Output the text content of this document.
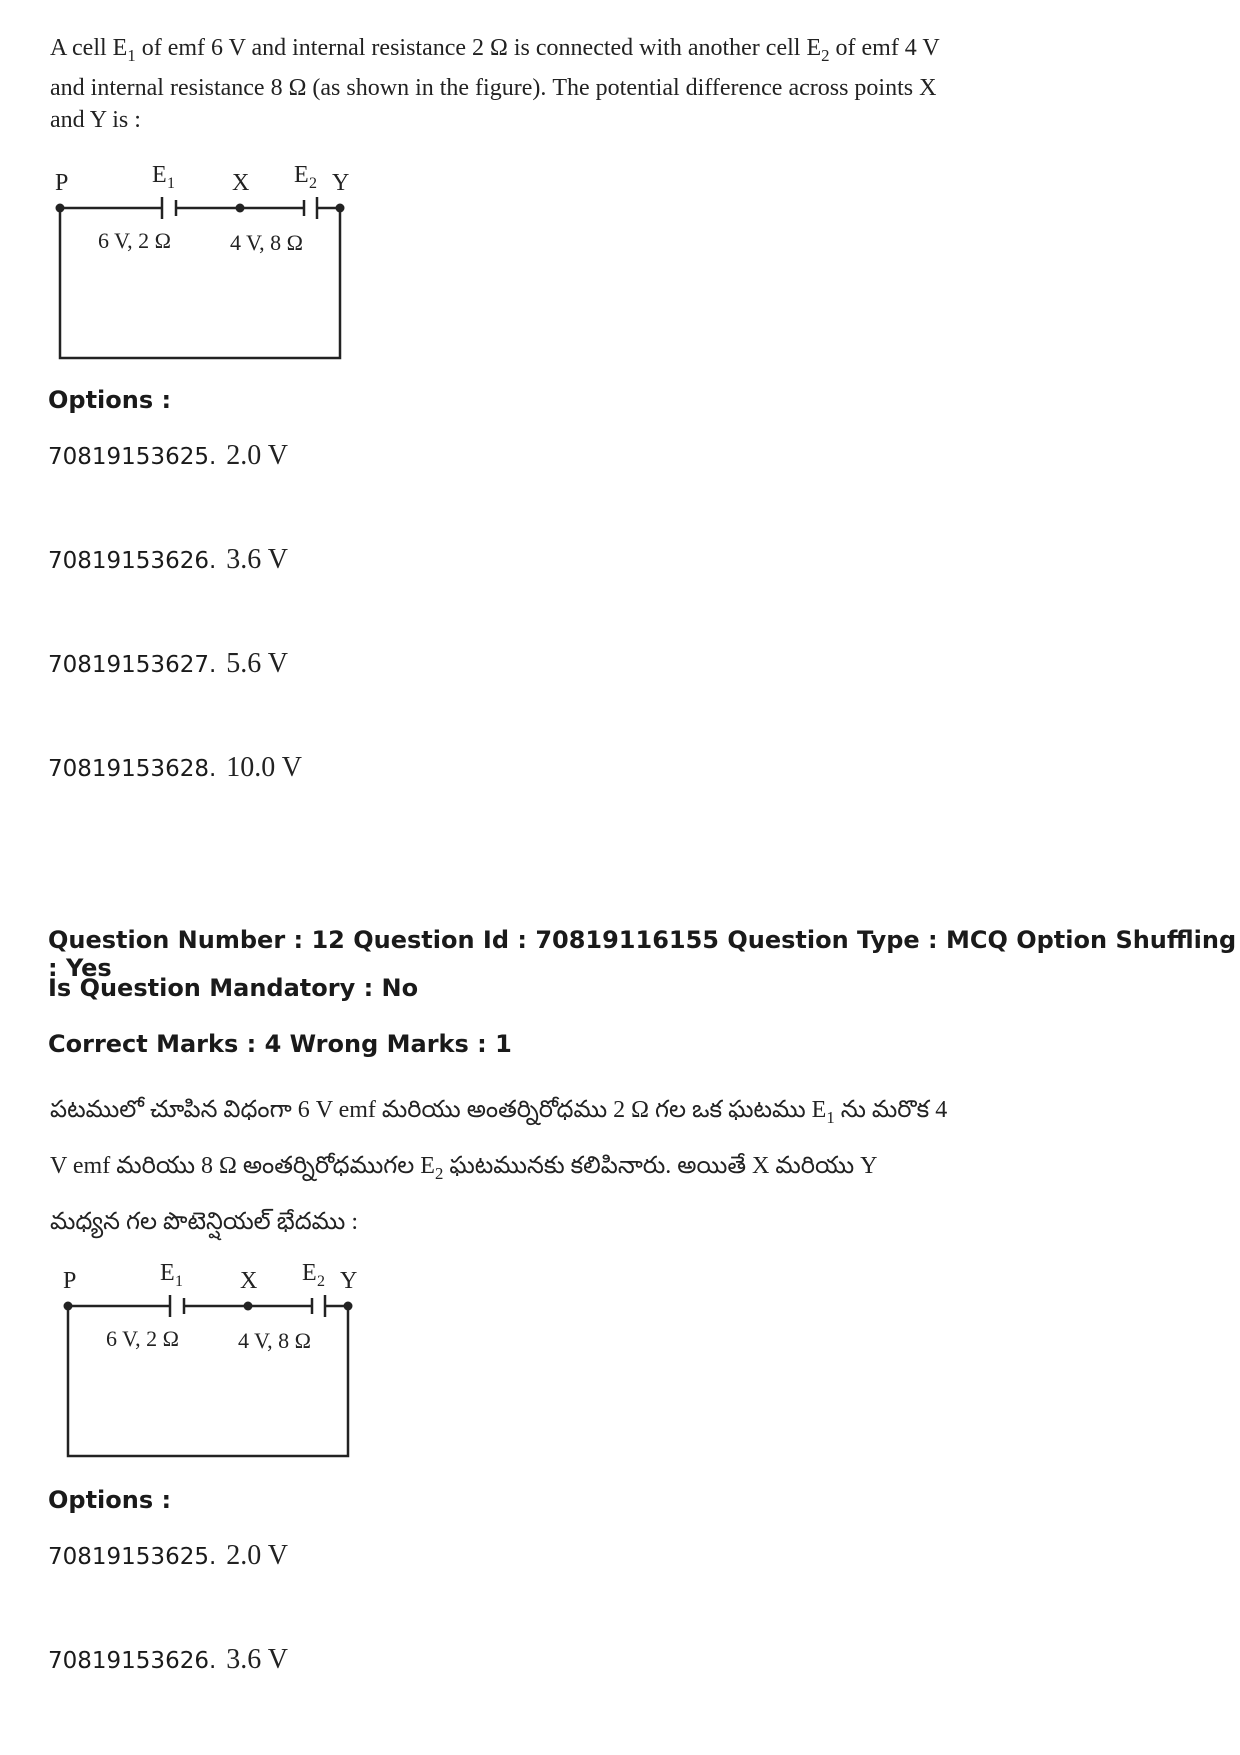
A cell $E_1$ of emf 6 V and internal resistance 2 Ω is connected with another cell $E_2$ of emf 4 V and internal resistance 8 Ω (as shown in the figure). The potential difference across points X and Y is :
P	X	Y
E 1	E 2
6 V, 2 Ω	4 V, 8 Ω
Options :
70819153625. 2.0 V
70819153626. 3.6 V
70819153627. 5.6 V
70819153628. 10.0 V
Question Number : 12 Question Id : 70819116155 Question Type : MCQ Option Shuffling : Yes
Is Question Mandatory : No
Correct Marks : 4 Wrong Marks : 1
పటములో చూపిన విధంగా 6 V emf మరియు అంతర్నిరోధము 2 Ω గల ఒక ఘటము $E_1$ ను మరొక 4 V emf మరియు 8 Ω అంతర్నిరోధముగల $E_2$ ఘటమునకు కలిపినారు. అయితే X మరియు Y మధ్యన గల పొటెన్షియల్ భేదము :
P	X	Y
E 1	E 2
6 V, 2 Ω	4 V, 8 Ω
Options :
70819153625. 2.0 V
70819153626. 3.6 V
